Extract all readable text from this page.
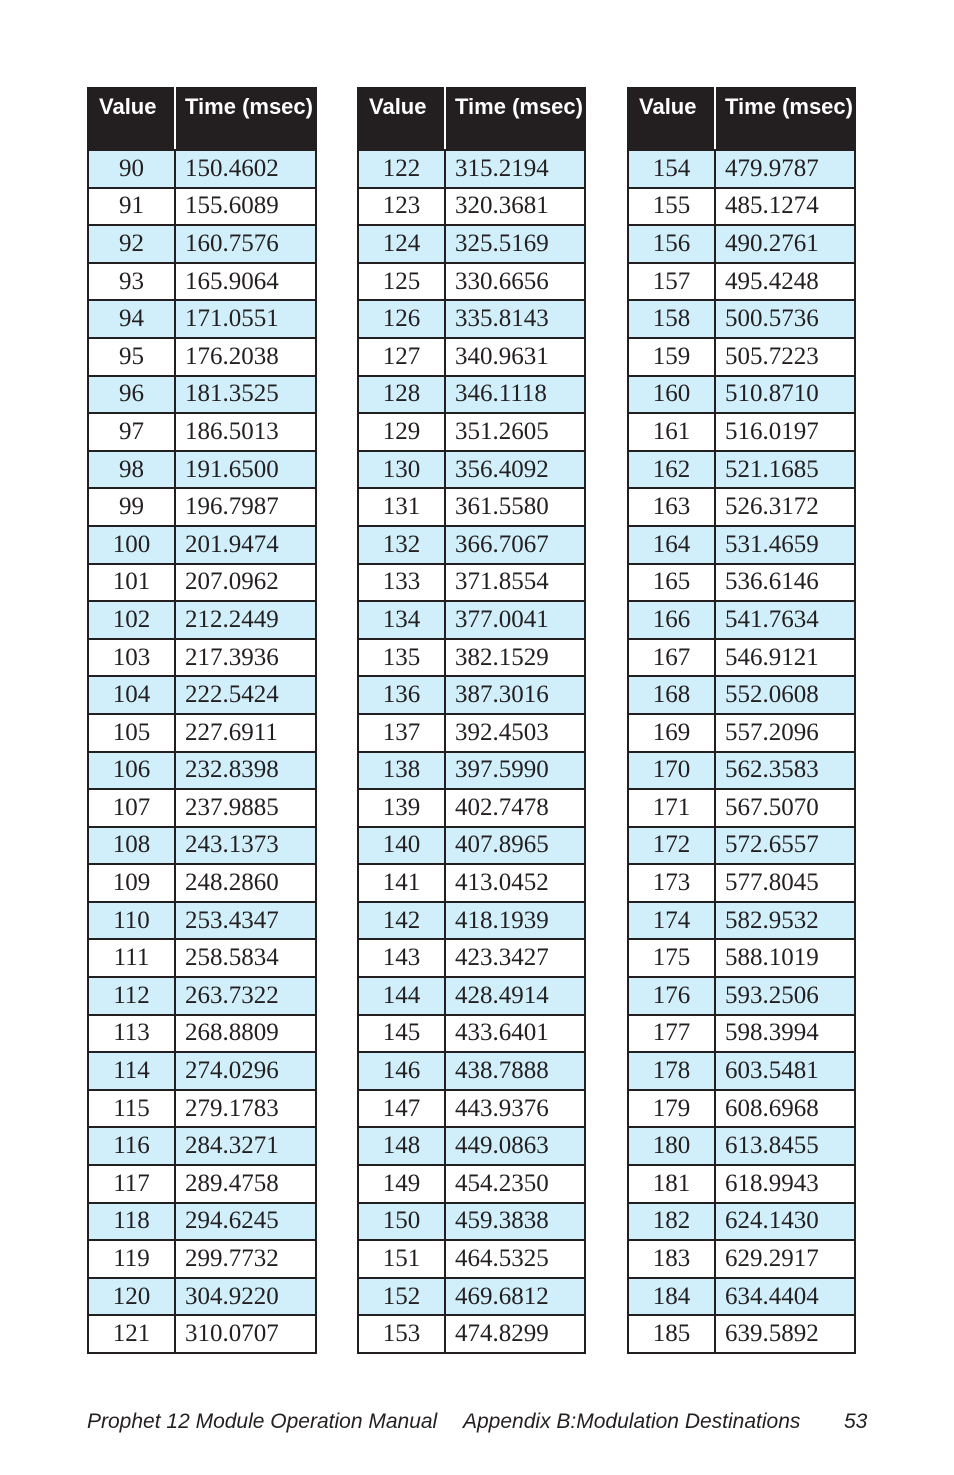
Value	Time (msec)
90	150.4602
91	155.6089
92	160.7576
93	165.9064
94	171.0551
95	176.2038
96	181.3525
97	186.5013
98	191.6500
99	196.7987
100	201.9474
101	207.0962
102	212.2449
103	217.3936
104	222.5424
105	227.6911
106	232.8398
107	237.9885
108	243.1373
109	248.2860
110	253.4347
111	258.5834
112	263.7322
113	268.8809
114	274.0296
115	279.1783
116	284.3271
117	289.4758
118	294.6245
119	299.7732
120	304.9220
121	310.0707
Value	Time (msec)
122	315.2194
123	320.3681
124	325.5169
125	330.6656
126	335.8143
127	340.9631
128	346.1118
129	351.2605
130	356.4092
131	361.5580
132	366.7067
133	371.8554
134	377.0041
135	382.1529
136	387.3016
137	392.4503
138	397.5990
139	402.7478
140	407.8965
141	413.0452
142	418.1939
143	423.3427
144	428.4914
145	433.6401
146	438.7888
147	443.9376
148	449.0863
149	454.2350
150	459.3838
151	464.5325
152	469.6812
153	474.8299
Value	Time (msec)
154	479.9787
155	485.1274
156	490.2761
157	495.4248
158	500.5736
159	505.7223
160	510.8710
161	516.0197
162	521.1685
163	526.3172
164	531.4659
165	536.6146
166	541.7634
167	546.9121
168	552.0608
169	557.2096
170	562.3583
171	567.5070
172	572.6557
173	577.8045
174	582.9532
175	588.1019
176	593.2506
177	598.3994
178	603.5481
179	608.6968
180	613.8455
181	618.9943
182	624.1430
183	629.2917
184	634.4404
185	639.5892
Prophet 12 Module Operation Manual Appendix B:Modulation Destinations 53
